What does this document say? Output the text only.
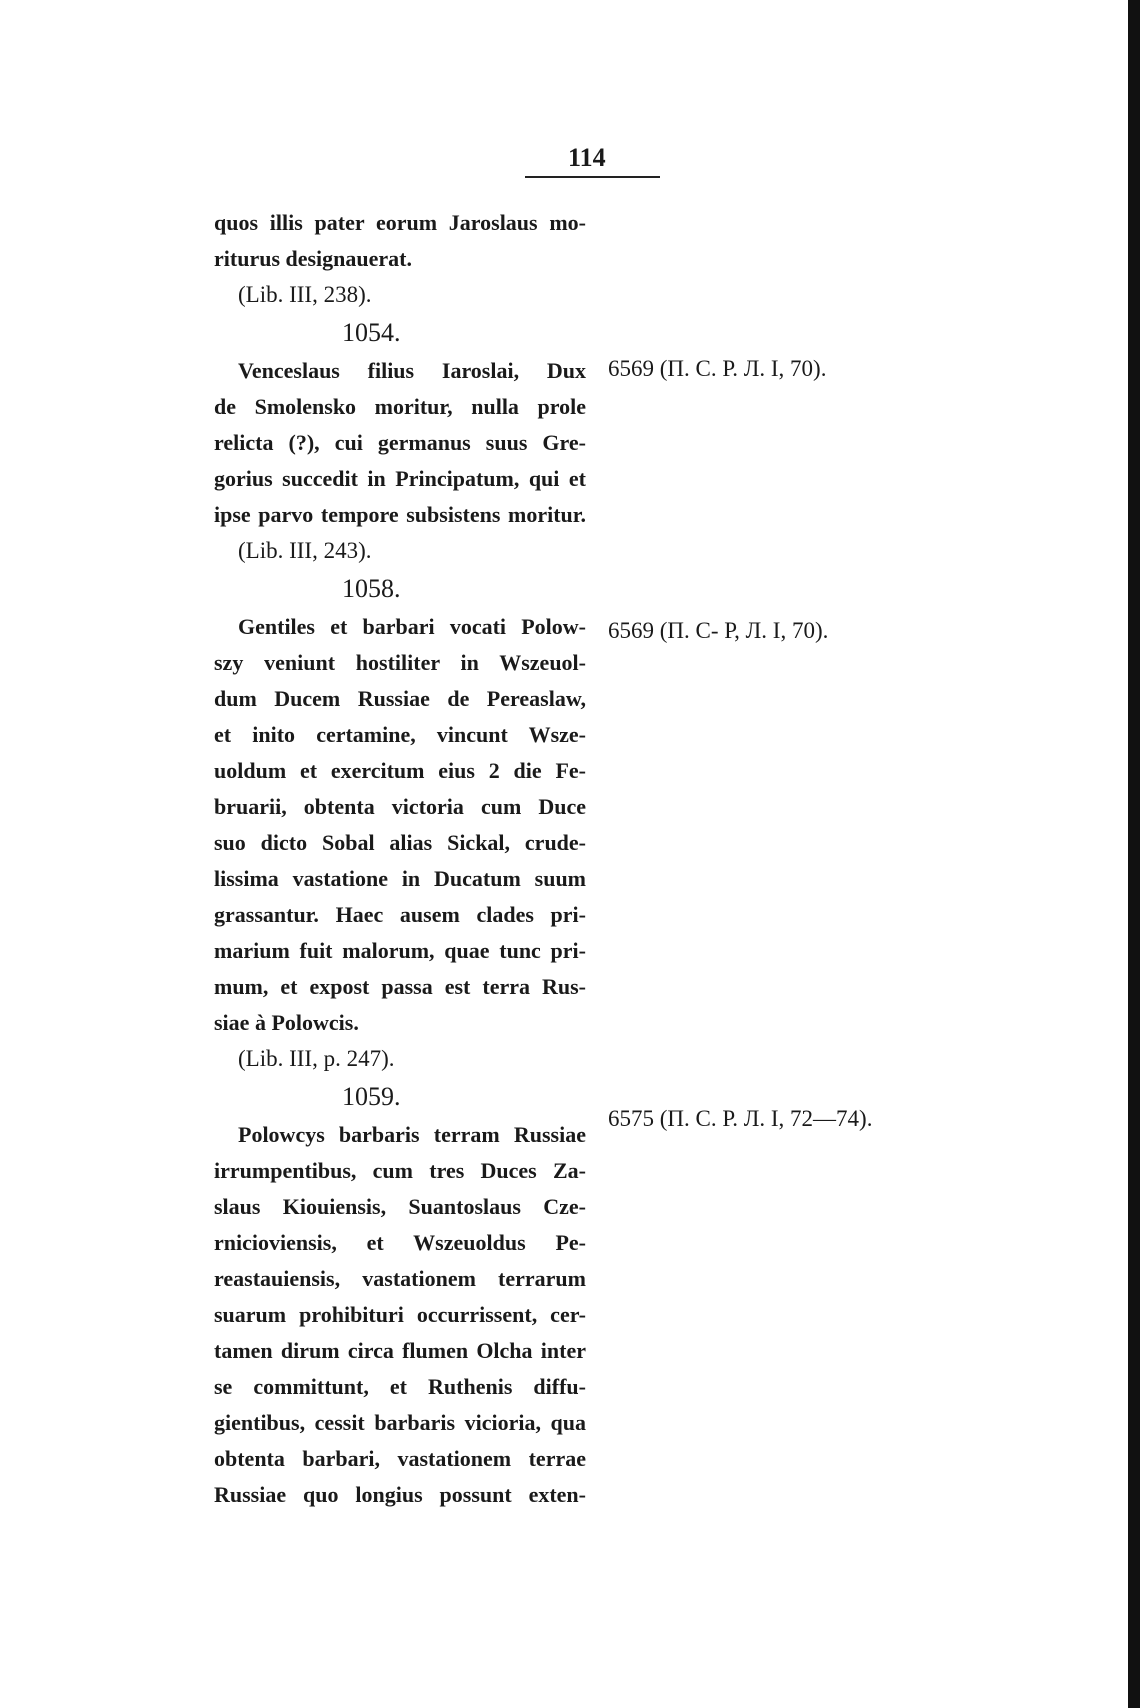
114
quos illis pater eorum Jaroslaus mo-
riturus designauerat.
(Lib. III, 238).
1054.
Venceslaus filius Iaroslai, Dux
de Smolensko moritur, nulla prole
relicta (?), cui germanus suus Gre-
gorius succedit in Principatum, qui et
ipse parvo tempore subsistens moritur.
(Lib. III, 243).
1058.
Gentiles et barbari vocati Polow-
szy veniunt hostiliter in Wszeuol-
dum Ducem Russiae de Pereaslaw,
et inito certamine, vincunt Wsze-
uoldum et exercitum eius 2 die Fe-
bruarii, obtenta victoria cum Duce
suo dicto Sobal alias Sickal, crude-
lissima vastatione in Ducatum suum
grassantur. Haec ausem clades pri-
marium fuit malorum, quae tunc pri-
mum, et expost passa est terra Rus-
siae à Polowcis.
(Lib. III, p. 247).
1059.
Polowcys barbaris terram Russiae
irrumpentibus, cum tres Duces Za-
slaus Kiouiensis, Suantoslaus Cze-
rnicioviensis, et Wszeuoldus Pe-
reastauiensis, vastationem terrarum
suarum prohibituri occurrissent, cer-
tamen dirum circa flumen Olcha inter
se committunt, et Ruthenis diffu-
gientibus, cessit barbaris vicioria, qua
obtenta barbari, vastationem terrae
Russiae quo longius possunt exten-
6569 (П. С. Р. Л. I, 70).
6569 (П. С- Р, Л. I, 70).
6575 (П. С. Р. Л. I, 72—74).
